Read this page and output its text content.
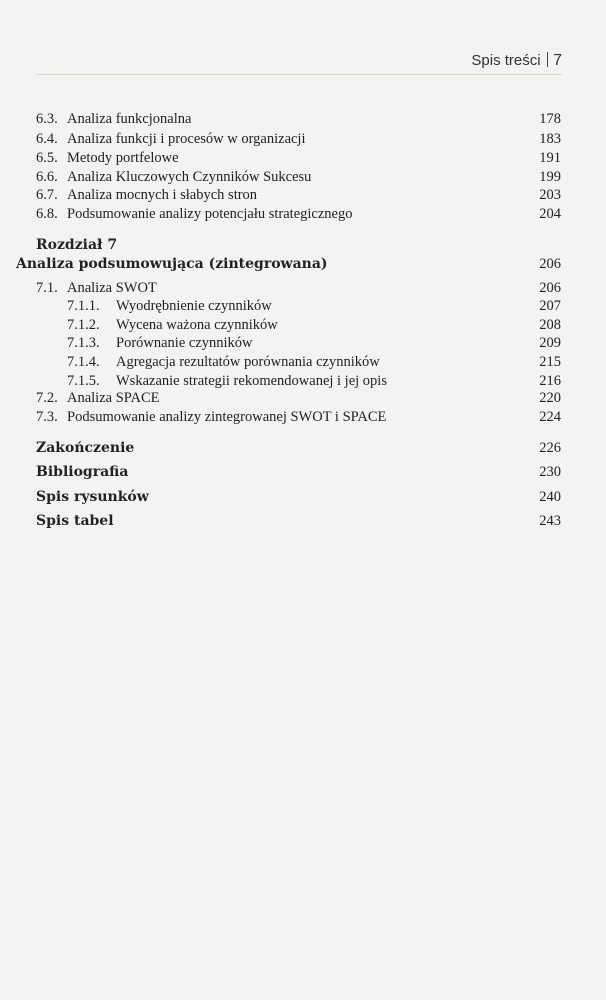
Spis treści 7
6.3. Analiza funkcjonalna	178
6.4. Analiza funkcji i procesów w organizacji	183
6.5. Metody portfelowe	191
6.6. Analiza Kluczowych Czynników Sukcesu	199
6.7. Analiza mocnych i słabych stron	203
6.8. Podsumowanie analizy potencjału strategicznego	204
Rozdział 7
Analiza podsumowująca (zintegrowana)	206
7.1. Analiza SWOT	206
7.1.1. Wyodrębnienie czynników	207
7.1.2. Wycena ważona czynników	208
7.1.3. Porównanie czynników	209
7.1.4. Agregacja rezultatów porównania czynników	215
7.1.5. Wskazanie strategii rekomendowanej i jej opis	216
7.2. Analiza SPACE	220
7.3. Podsumowanie analizy zintegrowanej SWOT i SPACE	224
Zakończenie	226
Bibliografia	230
Spis rysunków	240
Spis tabel	243
